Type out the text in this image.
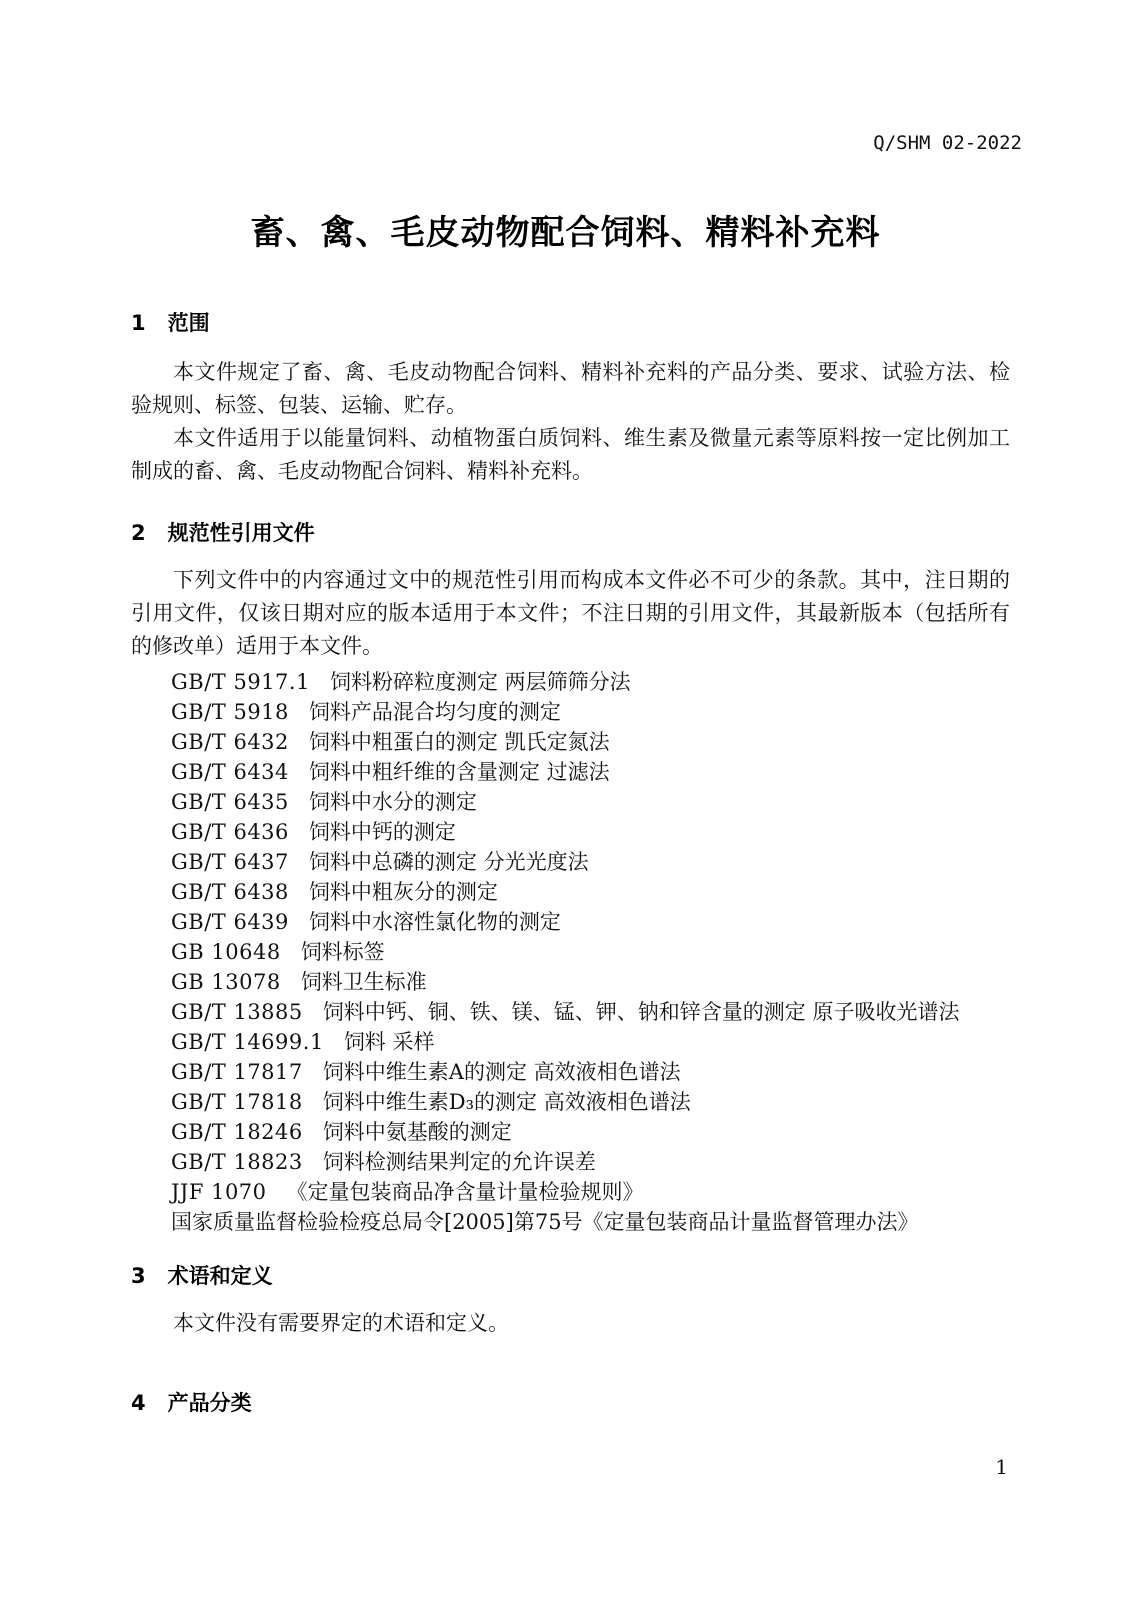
Q/SHM 02-2022
畜、禽、毛皮动物配合饲料、精料补充料
1 范围

本文件规定了畜、禽、毛皮动物配合饲料、精料补充料的产品分类、要求、试验方法、检验规则、标签、包装、运输、贮存。

本文件适用于以能量饲料、动植物蛋白质饲料、维生素及微量元素等原料按一定比例加工制成的畜、禽、毛皮动物配合饲料、精料补充料。

2 规范性引用文件

下列文件中的内容通过文中的规范性引用而构成本文件必不可少的条款。其中，注日期的引用文件，仅该日期对应的版本适用于本文件；不注日期的引用文件，其最新版本（包括所有的修改单）适用于本文件。

GB/T 5917.1 饲料粉碎粒度测定 两层筛筛分法
GB/T 5918 饲料产品混合均匀度的测定
GB/T 6432 饲料中粗蛋白的测定 凯氏定氮法
GB/T 6434 饲料中粗纤维的含量测定 过滤法
GB/T 6435 饲料中水分的测定
GB/T 6436 饲料中钙的测定
GB/T 6437 饲料中总磷的测定 分光光度法
GB/T 6438 饲料中粗灰分的测定
GB/T 6439 饲料中水溶性氯化物的测定
GB 10648 饲料标签
GB 13078 饲料卫生标准
GB/T 13885 饲料中钙、铜、铁、镁、锰、钾、钠和锌含量的测定 原子吸收光谱法
GB/T 14699.1 饲料 采样
GB/T 17817 饲料中维生素A的测定 高效液相色谱法
GB/T 17818 饲料中维生素D₃的测定 高效液相色谱法
GB/T 18246 饲料中氨基酸的测定
GB/T 18823 饲料检测结果判定的允许误差
JJF 1070 《定量包装商品净含量计量检验规则》
国家质量监督检验检疫总局令[2005]第75号《定量包装商品计量监督管理办法》
3 术语和定义

本文件没有需要界定的术语和定义。

4 产品分类
1
